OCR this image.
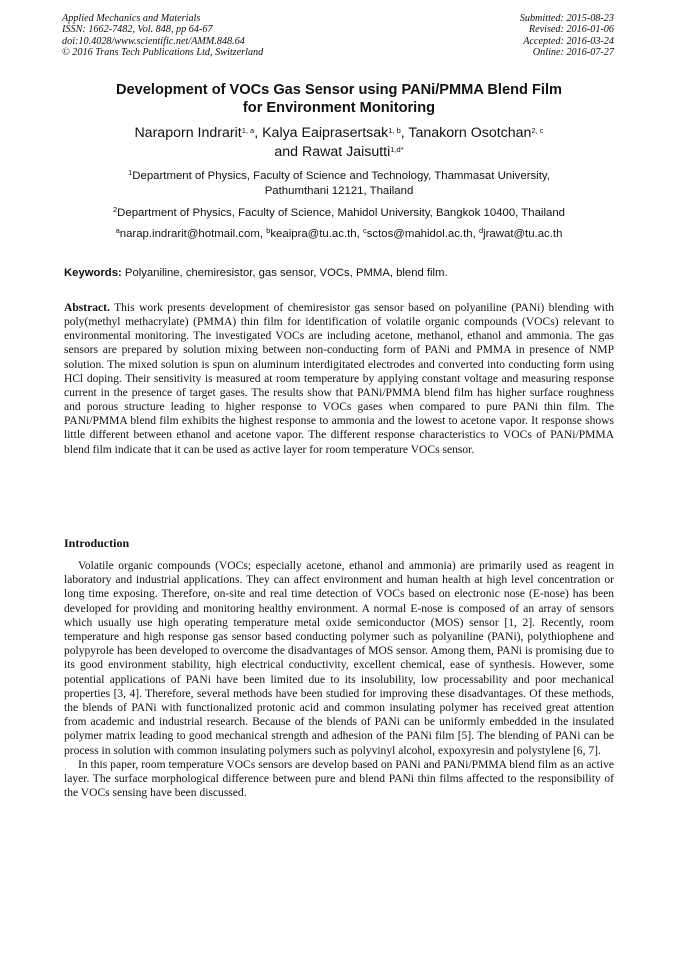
Applied Mechanics and Materials
ISSN: 1662-7482, Vol. 848, pp 64-67
doi:10.4028/www.scientific.net/AMM.848.64
© 2016 Trans Tech Publications Ltd, Switzerland
Submitted: 2015-08-23
Revised: 2016-01-06
Accepted: 2016-03-24
Online: 2016-07-27
Development of VOCs Gas Sensor using PANi/PMMA Blend Film
for Environment Monitoring
Naraporn Indrarit$^{1, a}$, Kalya Eaiprasertsak$^{1, b}$, Tanakorn Osotchan$^{2, c}$
and Rawat Jaisutti$^{1,d*}$
$^1$Department of Physics, Faculty of Science and Technology, Thammasat University,
Pathumthani 12121, Thailand
$^2$Department of Physics, Faculty of Science, Mahidol University, Bangkok 10400, Thailand
$^a$narap.indrarit@hotmail.com, $^b$keaipra@tu.ac.th, $^c$sctos@mahidol.ac.th, $^d$jrawat@tu.ac.th
Keywords: Polyaniline, chemiresistor, gas sensor, VOCs, PMMA, blend film.
Abstract. This work presents development of chemiresistor gas sensor based on polyaniline (PANi) blending with poly(methyl methacrylate) (PMMA) thin film for identification of volatile organic compounds (VOCs) relevant to environmental monitoring. The investigated VOCs are including acetone, methanol, ethanol and ammonia. The gas sensors are prepared by solution mixing between non-conducting form of PANi and PMMA in presence of NMP solution. The mixed solution is spun on aluminum interdigitated electrodes and converted into conducting form using HCl doping. Their sensitivity is measured at room temperature by applying constant voltage and measuring response current in the presence of target gases. The results show that PANi/PMMA blend film has higher surface roughness and porous structure leading to higher response to VOCs gases when compared to pure PANi thin film. The PANi/PMMA blend film exhibits the highest response to ammonia and the lowest to acetone vapor. It response shows little different between ethanol and acetone vapor. The different response characteristics to VOCs of PANi/PMMA blend film indicate that it can be used as active layer for room temperature VOCs sensor.
Introduction

Volatile organic compounds (VOCs; especially acetone, ethanol and ammonia) are primarily used as reagent in laboratory and industrial applications. They can affect environment and human health at high level concentration or long time exposing. Therefore, on-site and real time detection of VOCs based on electronic nose (E-nose) has been developed for providing and monitoring healthy environment. A normal E-nose is composed of an array of sensors which usually use high operating temperature metal oxide semiconductor (MOS) sensor [1, 2]. Recently, room temperature and high response gas sensor based conducting polymer such as polyaniline (PANi), polythiophene and polypyrole has been developed to overcome the disadvantages of MOS sensor. Among them, PANi is promising due to its good environment stability, high electrical conductivity, excellent chemical, ease of synthesis. However, some potential applications of PANi have been limited due to its insolubility, low processability and poor mechanical properties [3, 4]. Therefore, several methods have been studied for improving these disadvantages. Of these methods, the blends of PANi with functionalized protonic acid and common insulating polymer has received great attention from academic and industrial research. Because of the blends of PANi can be uniformly embedded in the insulated polymer matrix leading to good mechanical strength and adhesion of the PANi film [5]. The blending of PANi can be process in solution with common insulating polymers such as polyvinyl alcohol, expoxyresin and polystylene [6, 7].

In this paper, room temperature VOCs sensors are develop based on PANi and PANi/PMMA blend film as an active layer. The surface morphological difference between pure and blend PANi thin films affected to the responsibility of the VOCs sensing have been discussed.
